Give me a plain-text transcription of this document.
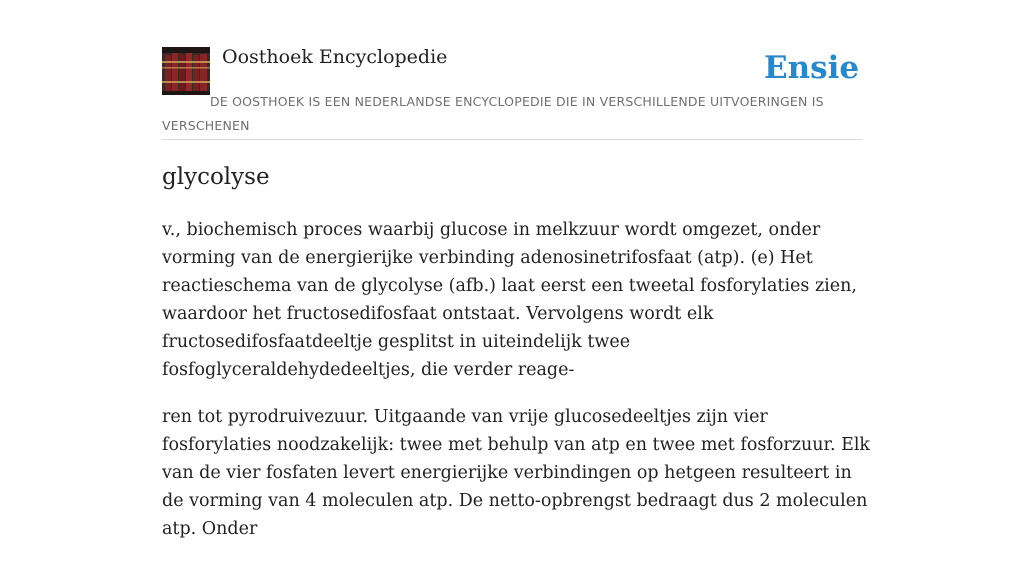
Oosthoek Encyclopedie	Ensie
DE OOSTHOEK IS EEN NEDERLANDSE ENCYCLOPEDIE DIE IN VERSCHILLENDE UITVOERINGEN IS VERSCHENEN
glycolyse

v., biochemisch proces waarbij glucose in melkzuur wordt omgezet, onder vorming van de energierijke verbinding adenosinetrifosfaat (atp). (e) Het reactieschema van de glycolyse (afb.) laat eerst een tweetal fosforylaties zien, waardoor het fructosedifosfaat ontstaat. Vervolgens wordt elk fructosedifosfaatdeeltje gesplitst in uiteindelijk twee fosfoglyceraldehydedeeltjes, die verder reage-

ren tot pyrodruivezuur. Uitgaande van vrije glucosedeeltjes zijn vier fosforylaties noodzakelijk: twee met behulp van atp en twee met fosforzuur. Elk van de vier fosfaten levert energierijke verbindingen op hetgeen resulteert in de vorming van 4 moleculen atp. De netto-opbrengst bedraagt dus 2 moleculen atp. Onder
